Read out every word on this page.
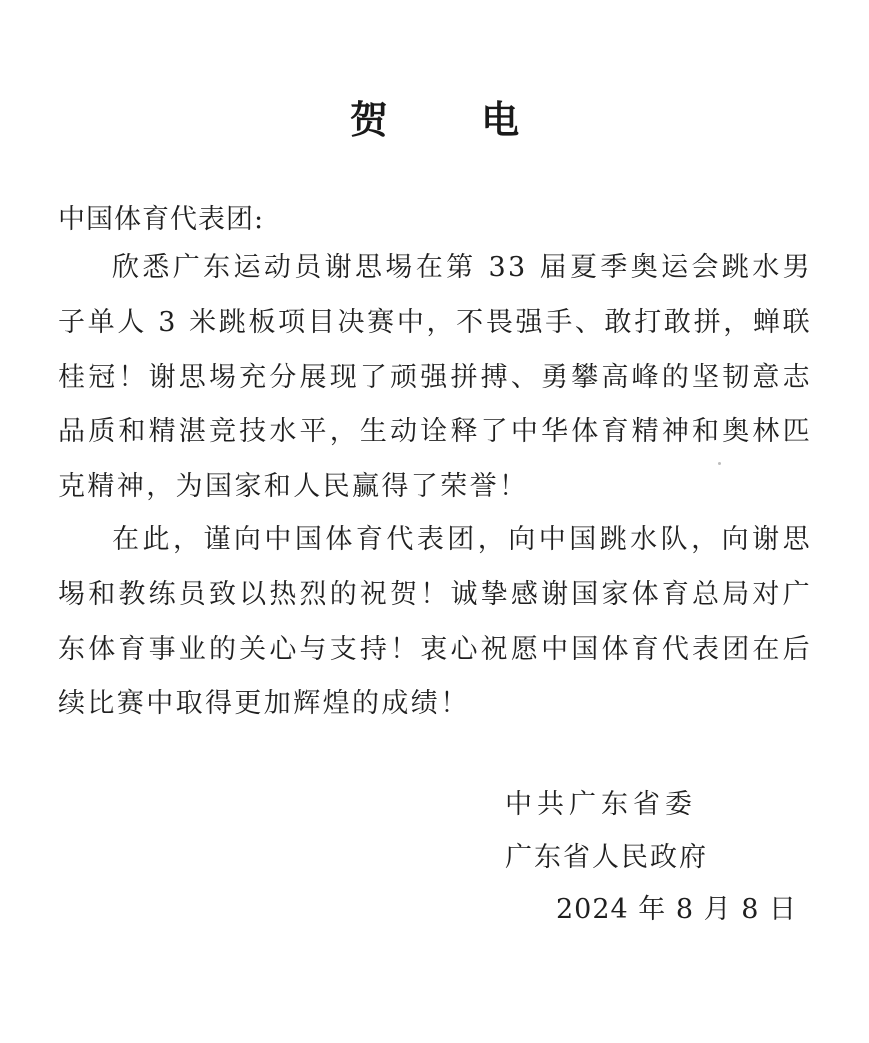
贺 电
中国体育代表团:

欣悉广东运动员谢思埸在第 33 届夏季奥运会跳水男子单人 3 米跳板项目决赛中，不畏强手、敢打敢拼，蝉联桂冠！谢思埸充分展现了顽强拼搏、勇攀高峰的坚韧意志品质和精湛竞技水平，生动诠释了中华体育精神和奥林匹克精神，为国家和人民赢得了荣誉！

在此，谨向中国体育代表团，向中国跳水队，向谢思埸和教练员致以热烈的祝贺！诚挚感谢国家体育总局对广东体育事业的关心与支持！衷心祝愿中国体育代表团在后续比赛中取得更加辉煌的成绩！

中共广东省委
广东省人民政府
2024 年 8 月 8 日
